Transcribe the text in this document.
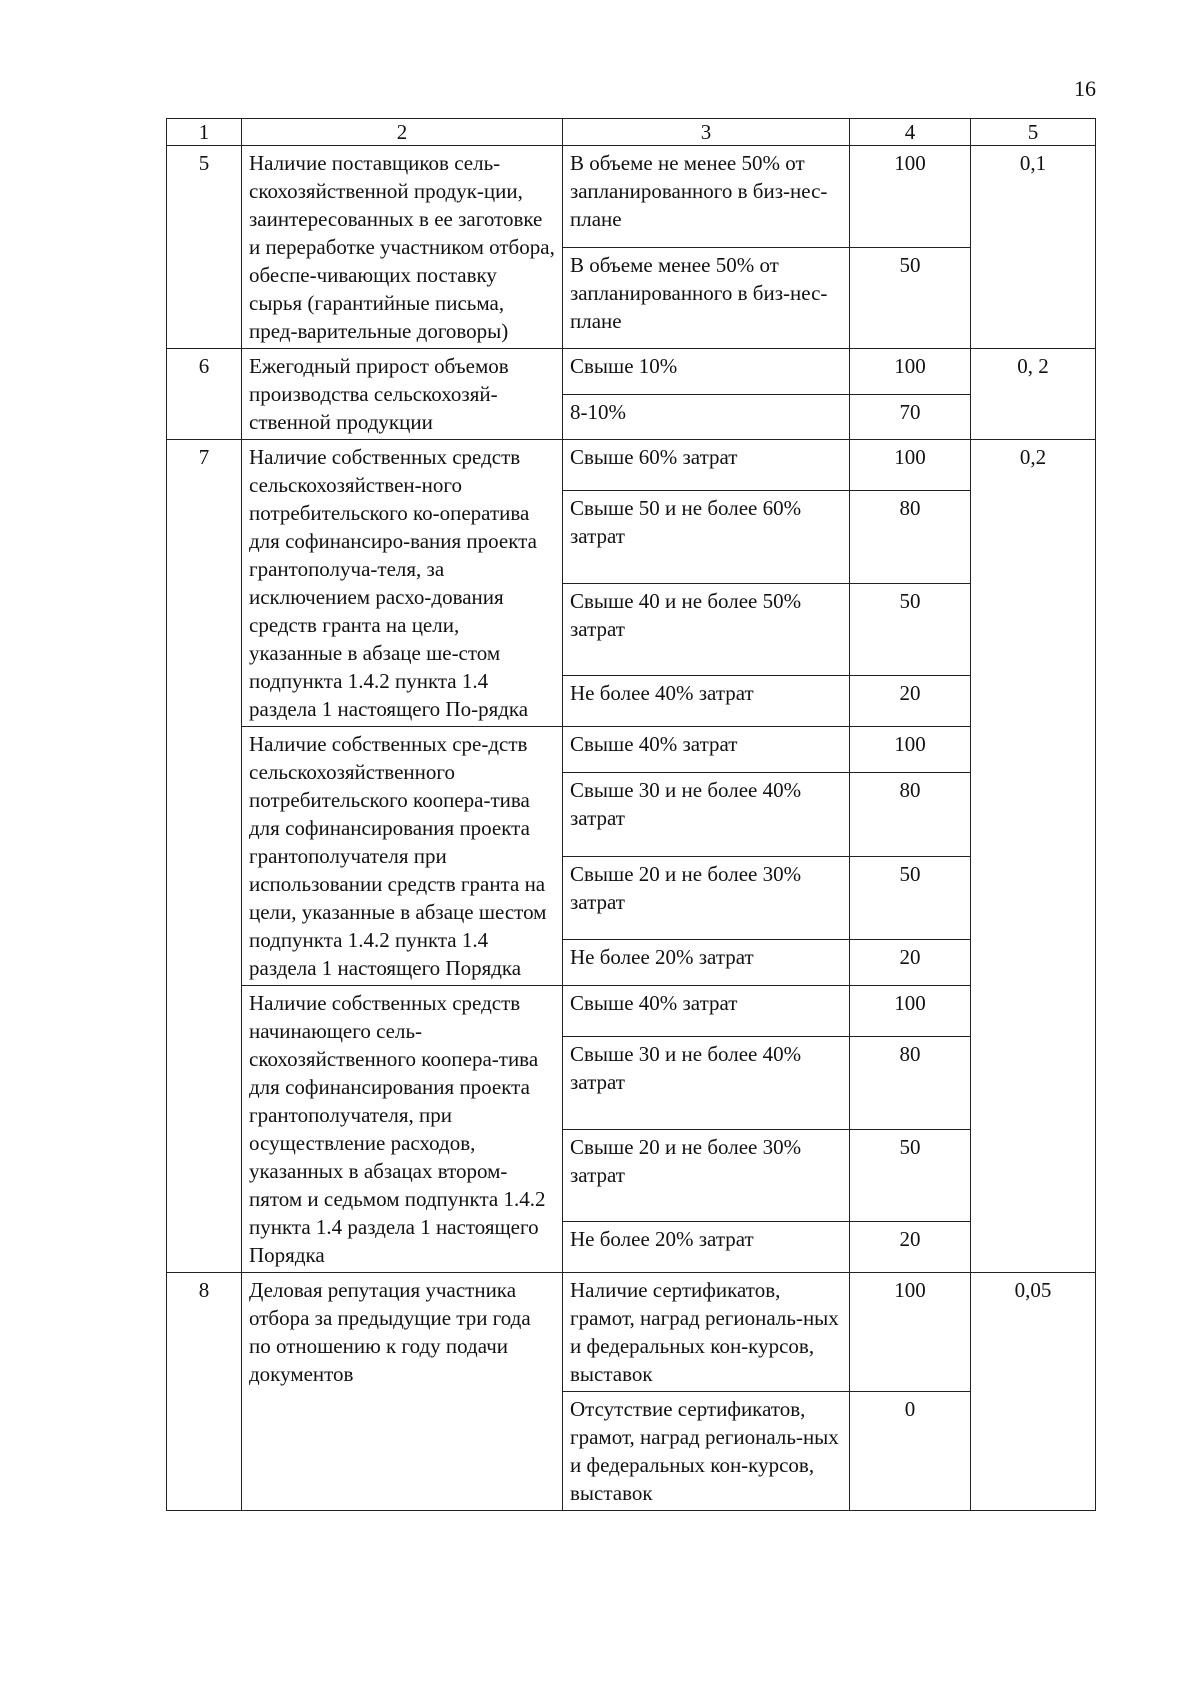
16
1	2	3	4	5
5	Наличие поставщиков сель-скохозяйственной продук-ции, заинтересованных в ее заготовке и переработке участником отбора, обеспе-чивающих поставку сырья (гарантийные письма, пред-варительные договоры)	В объеме не менее 50% от запланированного в биз-нес-плане	100	0,1
		В объеме менее 50% от запланированного в биз-нес-плане	50	
6	Ежегодный прирост объемов производства сельскохозяй-ственной продукции	Свыше 10%	100	0, 2
		8-10%	70	
7	Наличие собственных средств сельскохозяйствен-ного потребительского ко-оператива для софинансиро-вания проекта грантополуча-теля, за исключением расхо-дования средств гранта на цели, указанные в абзаце ше-стом подпункта 1.4.2 пункта 1.4 раздела 1 настоящего По-рядка	Свыше 60% затрат	100	0,2
		Свыше 50 и не более 60% затрат	80	
		Свыше 40 и не более 50% затрат	50	
		Не более 40% затрат	20	
	Наличие собственных сре-дств сельскохозяйственного потребительского коопера-тива для софинансирования проекта грантополучателя при использовании средств гранта на цели, указанные в абзаце шестом подпункта 1.4.2 пункта 1.4 раздела 1 настоящего Порядка	Свыше 40% затрат	100	
		Свыше 30 и не более 40% затрат	80	
		Свыше 20 и не более 30% затрат	50	
		Не более 20% затрат	20	
	Наличие собственных средств начинающего сель-скохозяйственного коопера-тива для софинансирования проекта грантополучателя, при осуществление расходов, указанных в абзацах втором-пятом и седьмом подпункта 1.4.2 пункта 1.4 раздела 1 настоящего Порядка	Свыше 40% затрат	100	
		Свыше 30 и не более 40% затрат	80	
		Свыше 20 и не более 30% затрат	50	
		Не более 20% затрат	20	
8	Деловая репутация участника отбора за предыдущие три года по отношению к году подачи документов	Наличие сертификатов, грамот, наград региональ-ных и федеральных кон-курсов, выставок	100	0,05
		Отсутствие сертификатов, грамот, наград региональ-ных и федеральных кон-курсов, выставок	0	
